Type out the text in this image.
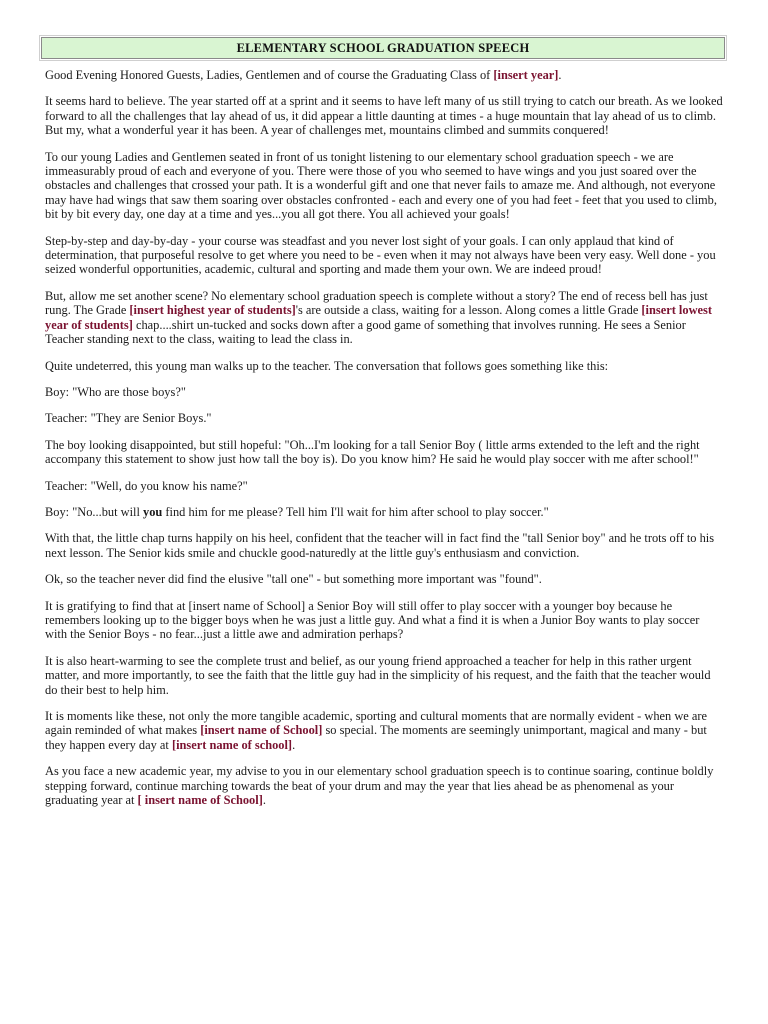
ELEMENTARY SCHOOL GRADUATION SPEECH

Good Evening Honored Guests, Ladies, Gentlemen and of course the Graduating Class of [insert year].

It seems hard to believe. The year started off at a sprint and it seems to have left many of us still trying to catch our breath. As we looked forward to all the challenges that lay ahead of us, it did appear a little daunting at times - a huge mountain that lay ahead of us to climb. But my, what a wonderful year it has been. A year of challenges met, mountains climbed and summits conquered!

To our young Ladies and Gentlemen seated in front of us tonight listening to our elementary school graduation speech - we are immeasurably proud of each and everyone of you. There were those of you who seemed to have wings and you just soared over the obstacles and challenges that crossed your path. It is a wonderful gift and one that never fails to amaze me. And although, not everyone may have had wings that saw them soaring over obstacles confronted - each and every one of you had feet - feet that you used to climb, bit by bit every day, one day at a time and yes...you all got there. You all achieved your goals!

Step-by-step and day-by-day - your course was steadfast and you never lost sight of your goals. I can only applaud that kind of determination, that purposeful resolve to get where you need to be - even when it may not always have been very easy. Well done - you seized wonderful opportunities, academic, cultural and sporting and made them your own. We are indeed proud!

But, allow me set another scene? No elementary school graduation speech is complete without a story? The end of recess bell has just rung. The Grade [insert highest year of students]'s are outside a class, waiting for a lesson. Along comes a little Grade [insert lowest year of students] chap....shirt un-tucked and socks down after a good game of something that involves running. He sees a Senior Teacher standing next to the class, waiting to lead the class in.

Quite undeterred, this young man walks up to the teacher. The conversation that follows goes something like this:

Boy: "Who are those boys?"

Teacher: "They are Senior Boys."

The boy looking disappointed, but still hopeful: "Oh...I'm looking for a tall Senior Boy ( little arms extended to the left and the right accompany this statement to show just how tall the boy is). Do you know him? He said he would play soccer with me after school!"

Teacher: "Well, do you know his name?"

Boy: "No...but will you find him for me please? Tell him I'll wait for him after school to play soccer."

With that, the little chap turns happily on his heel, confident that the teacher will in fact find the "tall Senior boy" and he trots off to his next lesson. The Senior kids smile and chuckle good-naturedly at the little guy's enthusiasm and conviction.

Ok, so the teacher never did find the elusive "tall one" - but something more important was "found".

It is gratifying to find that at [insert name of School] a Senior Boy will still offer to play soccer with a younger boy because he remembers looking up to the bigger boys when he was just a little guy. And what a find it is when a Junior Boy wants to play soccer with the Senior Boys - no fear...just a little awe and admiration perhaps?

It is also heart-warming to see the complete trust and belief, as our young friend approached a teacher for help in this rather urgent matter, and more importantly, to see the faith that the little guy had in the simplicity of his request, and the faith that the teacher would do their best to help him.

It is moments like these, not only the more tangible academic, sporting and cultural moments that are normally evident - when we are again reminded of what makes [insert name of School] so special. The moments are seemingly unimportant, magical and many - but they happen every day at [insert name of school].

As you face a new academic year, my advise to you in our elementary school graduation speech is to continue soaring, continue boldly stepping forward, continue marching towards the beat of your drum and may the year that lies ahead be as phenomenal as your graduating year at [ insert name of School].
